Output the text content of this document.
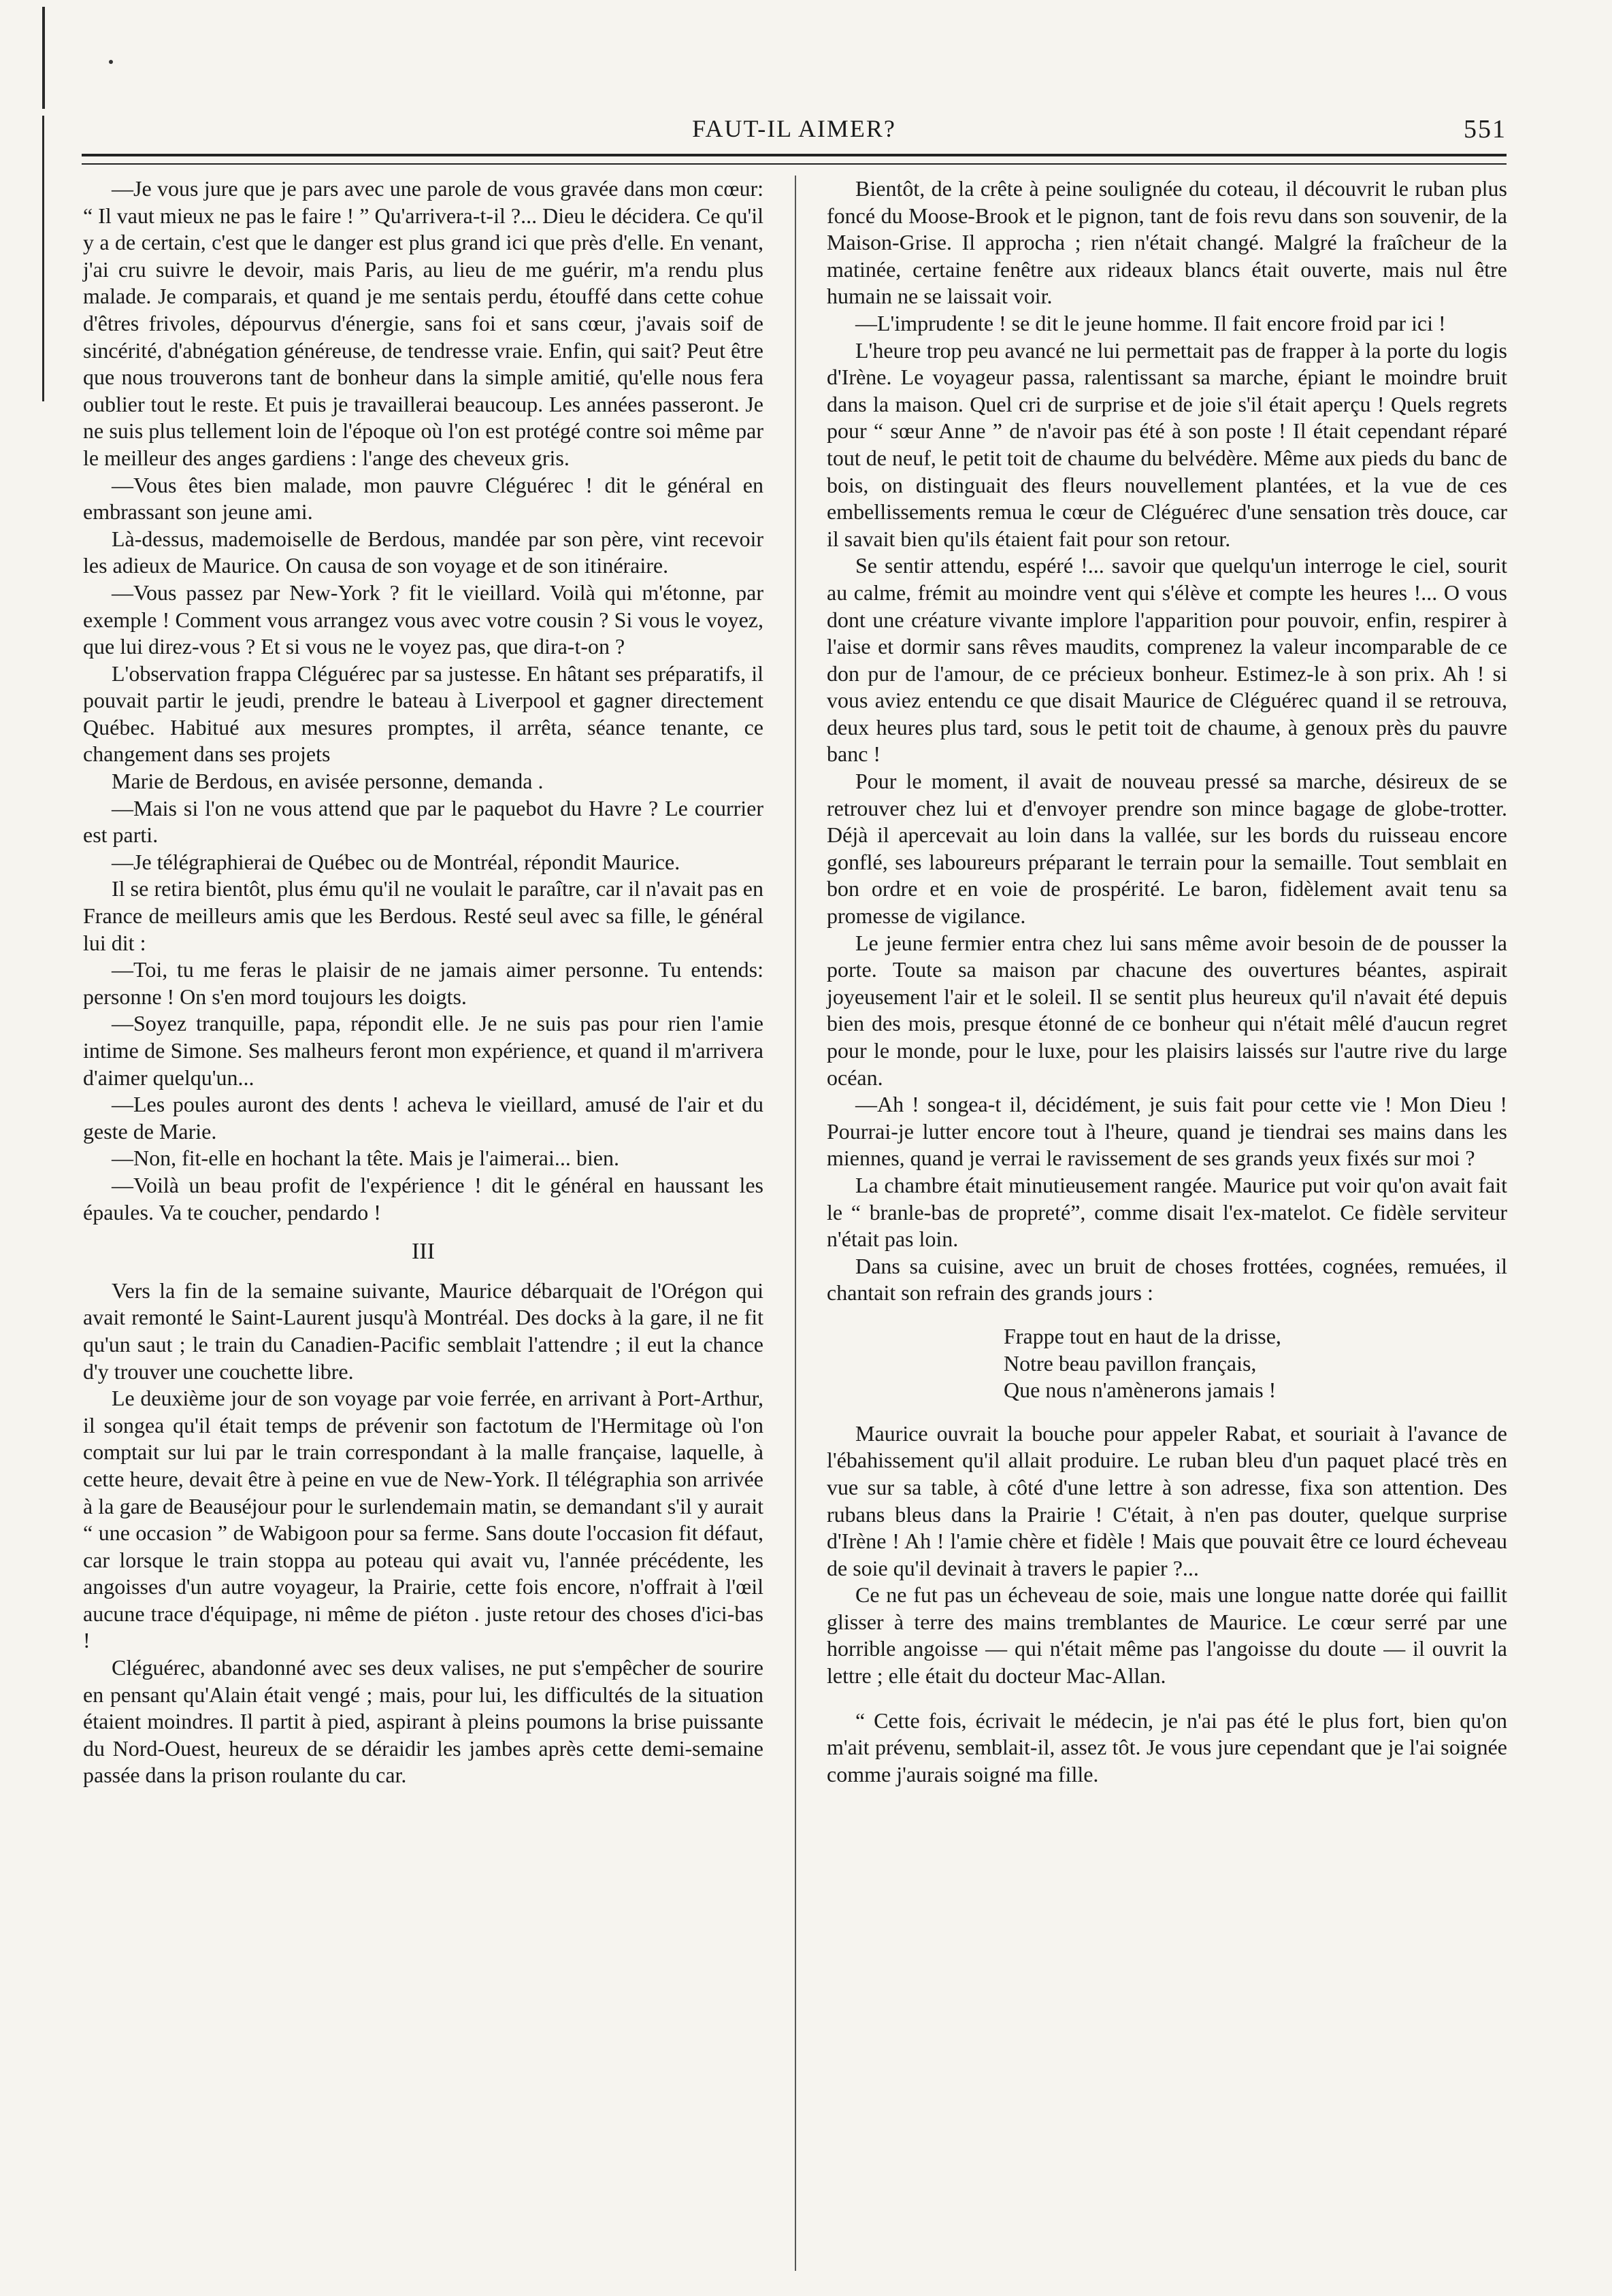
FAUT-IL AIMER?	551

—Je vous jure que je pars avec une parole de vous gravée dans mon cœur: “ Il vaut mieux ne pas le faire ! ” Qu'arrivera-t-il ?... Dieu le décidera. Ce qu'il y a de certain, c'est que le danger est plus grand ici que près d'elle. En venant, j'ai cru suivre le devoir, mais Paris, au lieu de me guérir, m'a rendu plus malade. Je comparais, et quand je me sentais perdu, étouffé dans cette cohue d'êtres frivoles, dépourvus d'énergie, sans foi et sans cœur, j'avais soif de sincérité, d'abnégation généreuse, de tendresse vraie. Enfin, qui sait? Peut être que nous trouverons tant de bonheur dans la simple amitié, qu'elle nous fera oublier tout le reste. Et puis je travaillerai beaucoup. Les années passeront. Je ne suis plus tellement loin de l'époque où l'on est protégé contre soi même par le meilleur des anges gardiens : l'ange des cheveux gris.

—Vous êtes bien malade, mon pauvre Cléguérec ! dit le général en embrassant son jeune ami.

Là-dessus, mademoiselle de Berdous, mandée par son père, vint recevoir les adieux de Maurice. On causa de son voyage et de son itinéraire.

—Vous passez par New-York ? fit le vieillard. Voilà qui m'étonne, par exemple ! Comment vous arrangez vous avec votre cousin ? Si vous le voyez, que lui direz-vous ? Et si vous ne le voyez pas, que dira-t-on ?

L'observation frappa Cléguérec par sa justesse. En hâtant ses préparatifs, il pouvait partir le jeudi, prendre le bateau à Liverpool et gagner directement Québec. Habitué aux mesures promptes, il arrêta, séance tenante, ce changement dans ses projets

Marie de Berdous, en avisée personne, demanda .

—Mais si l'on ne vous attend que par le paquebot du Havre ? Le courrier est parti.

—Je télégraphierai de Québec ou de Montréal, répondit Maurice.

Il se retira bientôt, plus ému qu'il ne voulait le paraître, car il n'avait pas en France de meilleurs amis que les Berdous. Resté seul avec sa fille, le général lui dit :

—Toi, tu me feras le plaisir de ne jamais aimer personne. Tu entends: personne ! On s'en mord toujours les doigts.

—Soyez tranquille, papa, répondit elle. Je ne suis pas pour rien l'amie intime de Simone. Ses malheurs feront mon expérience, et quand il m'arrivera d'aimer quelqu'un...

—Les poules auront des dents ! acheva le vieillard, amusé de l'air et du geste de Marie.

—Non, fit-elle en hochant la tête. Mais je l'aimerai... bien.

—Voilà un beau profit de l'expérience ! dit le général en haussant les épaules. Va te coucher, pendardo !

III

Vers la fin de la semaine suivante, Maurice débarquait de l'Orégon qui avait remonté le Saint-Laurent jusqu'à Montréal. Des docks à la gare, il ne fit qu'un saut ; le train du Canadien-Pacific semblait l'attendre ; il eut la chance d'y trouver une couchette libre.

Le deuxième jour de son voyage par voie ferrée, en arrivant à Port-Arthur, il songea qu'il était temps de prévenir son factotum de l'Hermitage où l'on comptait sur lui par le train correspondant à la malle française, laquelle, à cette heure, devait être à peine en vue de New-York. Il télégraphia son arrivée à la gare de Beauséjour pour le surlendemain matin, se demandant s'il y aurait “ une occasion ” de Wabigoon pour sa ferme. Sans doute l'occasion fit défaut, car lorsque le train stoppa au poteau qui avait vu, l'année précédente, les angoisses d'un autre voyageur, la Prairie, cette fois encore, n'offrait à l'œil aucune trace d'équipage, ni même de piéton . juste retour des choses d'ici-bas !

Cléguérec, abandonné avec ses deux valises, ne put s'empêcher de sourire en pensant qu'Alain était vengé ; mais, pour lui, les difficultés de la situation étaient moindres. Il partit à pied, aspirant à pleins poumons la brise puissante du Nord-Ouest, heureux de se déraidir les jambes après cette demi-semaine passée dans la prison roulante du car.

Bientôt, de la crête à peine soulignée du coteau, il découvrit le ruban plus foncé du Moose-Brook et le pignon, tant de fois revu dans son souvenir, de la Maison-Grise. Il approcha ; rien n'était changé. Malgré la fraîcheur de la matinée, certaine fenêtre aux rideaux blancs était ouverte, mais nul être humain ne se laissait voir.

—L'imprudente ! se dit le jeune homme. Il fait encore froid par ici !

L'heure trop peu avancé ne lui permettait pas de frapper à la porte du logis d'Irène. Le voyageur passa, ralentissant sa marche, épiant le moindre bruit dans la maison. Quel cri de surprise et de joie s'il était aperçu ! Quels regrets pour “ sœur Anne ” de n'avoir pas été à son poste ! Il était cependant réparé tout de neuf, le petit toit de chaume du belvédère. Même aux pieds du banc de bois, on distinguait des fleurs nouvellement plantées, et la vue de ces embellissements remua le cœur de Cléguérec d'une sensation très douce, car il savait bien qu'ils étaient fait pour son retour.

Se sentir attendu, espéré !... savoir que quelqu'un interroge le ciel, sourit au calme, frémit au moindre vent qui s'élève et compte les heures !... O vous dont une créature vivante implore l'apparition pour pouvoir, enfin, respirer à l'aise et dormir sans rêves maudits, comprenez la valeur incomparable de ce don pur de l'amour, de ce précieux bonheur. Estimez-le à son prix. Ah ! si vous aviez entendu ce que disait Maurice de Cléguérec quand il se retrouva, deux heures plus tard, sous le petit toit de chaume, à genoux près du pauvre banc !

Pour le moment, il avait de nouveau pressé sa marche, désireux de se retrouver chez lui et d'envoyer prendre son mince bagage de globe-trotter. Déjà il apercevait au loin dans la vallée, sur les bords du ruisseau encore gonflé, ses laboureurs préparant le terrain pour la semaille. Tout semblait en bon ordre et en voie de prospérité. Le baron, fidèlement avait tenu sa promesse de vigilance.

Le jeune fermier entra chez lui sans même avoir besoin de de pousser la porte. Toute sa maison par chacune des ouvertures béantes, aspirait joyeusement l'air et le soleil. Il se sentit plus heureux qu'il n'avait été depuis bien des mois, presque étonné de ce bonheur qui n'était mêlé d'aucun regret pour le monde, pour le luxe, pour les plaisirs laissés sur l'autre rive du large océan.

—Ah ! songea-t il, décidément, je suis fait pour cette vie ! Mon Dieu ! Pourrai-je lutter encore tout à l'heure, quand je tiendrai ses mains dans les miennes, quand je verrai le ravissement de ses grands yeux fixés sur moi ?

La chambre était minutieusement rangée. Maurice put voir qu'on avait fait le “ branle-bas de propreté”, comme disait l'ex-matelot. Ce fidèle serviteur n'était pas loin.

Dans sa cuisine, avec un bruit de choses frottées, cognées, remuées, il chantait son refrain des grands jours :

Frappe tout en haut de la drisse,
Notre beau pavillon français,
Que nous n'amènerons jamais !

Maurice ouvrait la bouche pour appeler Rabat, et souriait à l'avance de l'ébahissement qu'il allait produire. Le ruban bleu d'un paquet placé très en vue sur sa table, à côté d'une lettre à son adresse, fixa son attention. Des rubans bleus dans la Prairie ! C'était, à n'en pas douter, quelque surprise d'Irène ! Ah ! l'amie chère et fidèle ! Mais que pouvait être ce lourd écheveau de soie qu'il devinait à travers le papier ?...

Ce ne fut pas un écheveau de soie, mais une longue natte dorée qui faillit glisser à terre des mains tremblantes de Maurice. Le cœur serré par une horrible angoisse — qui n'était même pas l'angoisse du doute — il ouvrit la lettre ; elle était du docteur Mac-Allan.

“ Cette fois, écrivait le médecin, je n'ai pas été le plus fort, bien qu'on m'ait prévenu, semblait-il, assez tôt. Je vous jure cependant que je l'ai soignée comme j'aurais soigné ma fille.
